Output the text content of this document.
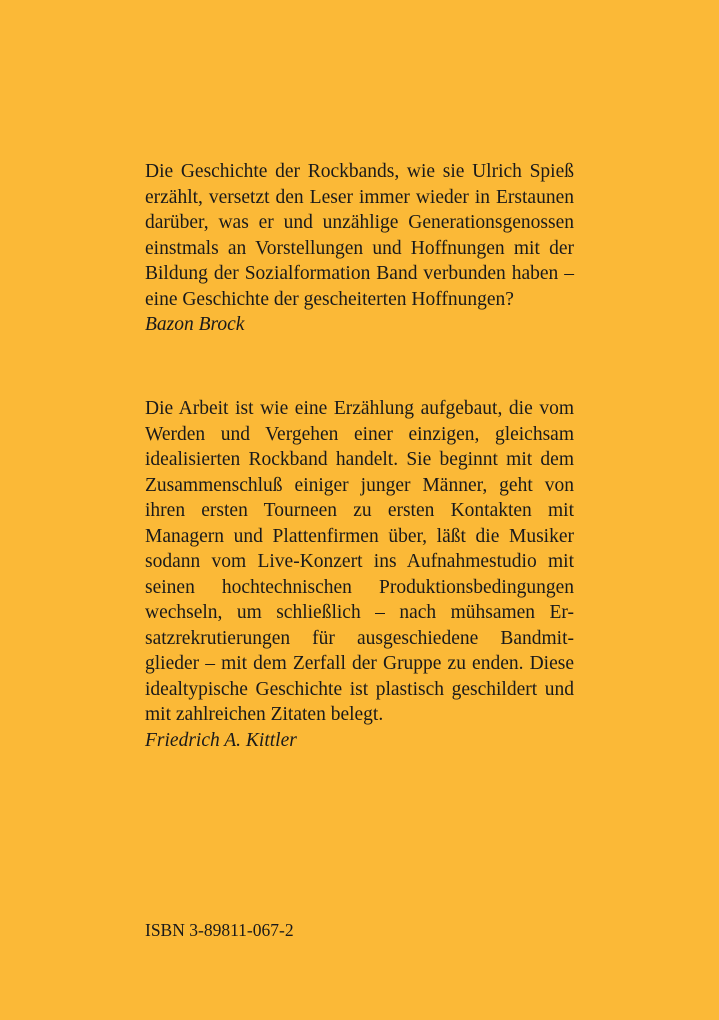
Die Geschichte der Rockbands, wie sie Ulrich Spieß
erzählt, versetzt den Leser immer wieder in Erstaunen
darüber, was er und unzählige Generationsgenossen
einstmals an Vorstellungen und Hoffnungen mit der
Bildung der Sozialformation Band verbunden haben –
eine Geschichte der gescheiterten Hoffnungen?
Bazon Brock
Die Arbeit ist wie eine Erzählung aufgebaut, die vom
Werden und Vergehen einer einzigen, gleichsam
idealisierten Rockband handelt. Sie beginnt mit dem
Zusammenschluß einiger junger Männer, geht von
ihren ersten Tourneen zu ersten Kontakten mit
Managern und Plattenfirmen über, läßt die Musiker
sodann vom Live-Konzert ins Aufnahmestudio mit
seinen hochtechnischen Produktionsbedingungen
wechseln, um schließlich – nach mühsamen Er-
satzrekrutierungen für ausgeschiedene Bandmit-
glieder – mit dem Zerfall der Gruppe zu enden. Diese
idealtypische Geschichte ist plastisch geschildert und
mit zahlreichen Zitaten belegt.
Friedrich A. Kittler
ISBN 3-89811-067-2
